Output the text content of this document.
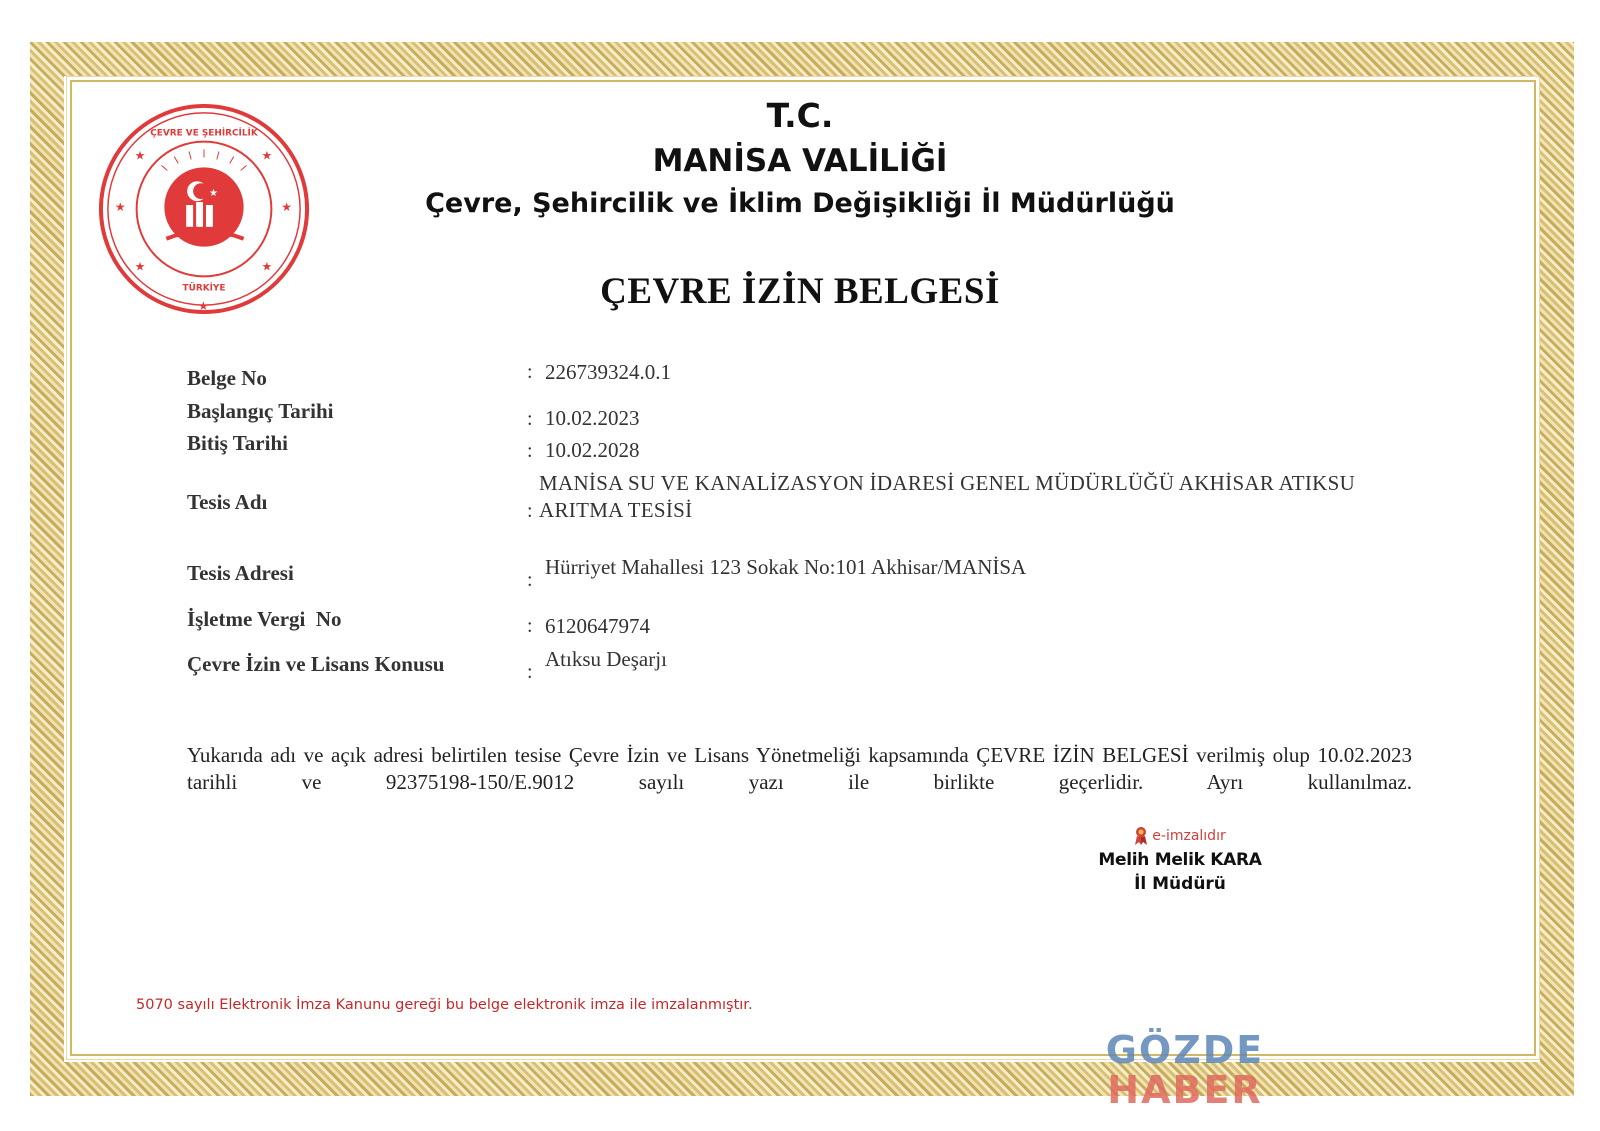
ÇEVRE VE ŞEHİRCİLİK
TÜRKİYE
★	★
★	★
★	★
★
★
T.C.
MANİSA VALİLİĞİ
Çevre, Şehircilik ve İklim Değişikliği İl Müdürlüğü
ÇEVRE İZİN BELGESİ
Belge No	: 226739324.0.1
Başlangıç Tarihi	: 10.02.2023
Bitiş Tarihi	: 10.02.2028
Tesis Adı
MANİSA SU VE KANALİZASYON İDARESİ GENEL MÜDÜRLÜĞÜ AKHİSAR ATIKSU
: ARITMA TESİSİ
Tesis Adresi	:
Hürriyet Mahallesi 123 Sokak No:101 Akhisar/MANİSA
İşletme Vergi  No	: 6120647974
Çevre İzin ve Lisans Konusu	:
Atıksu Deşarjı
Yukarıda adı ve açık adresi belirtilen tesise Çevre İzin ve Lisans Yönetmeliği kapsamında ÇEVRE İZİN BELGESİ verilmiş olup 10.02.2023 tarihli ve 92375198-150/E.9012 sayılı yazı ile birlikte geçerlidir. Ayrı kullanılmaz.
e-imzalıdır
Melih Melik KARA
İl Müdürü
5070 sayılı Elektronik İmza Kanunu gereği bu belge elektronik imza ile imzalanmıştır.
GÖZDE
HABER
